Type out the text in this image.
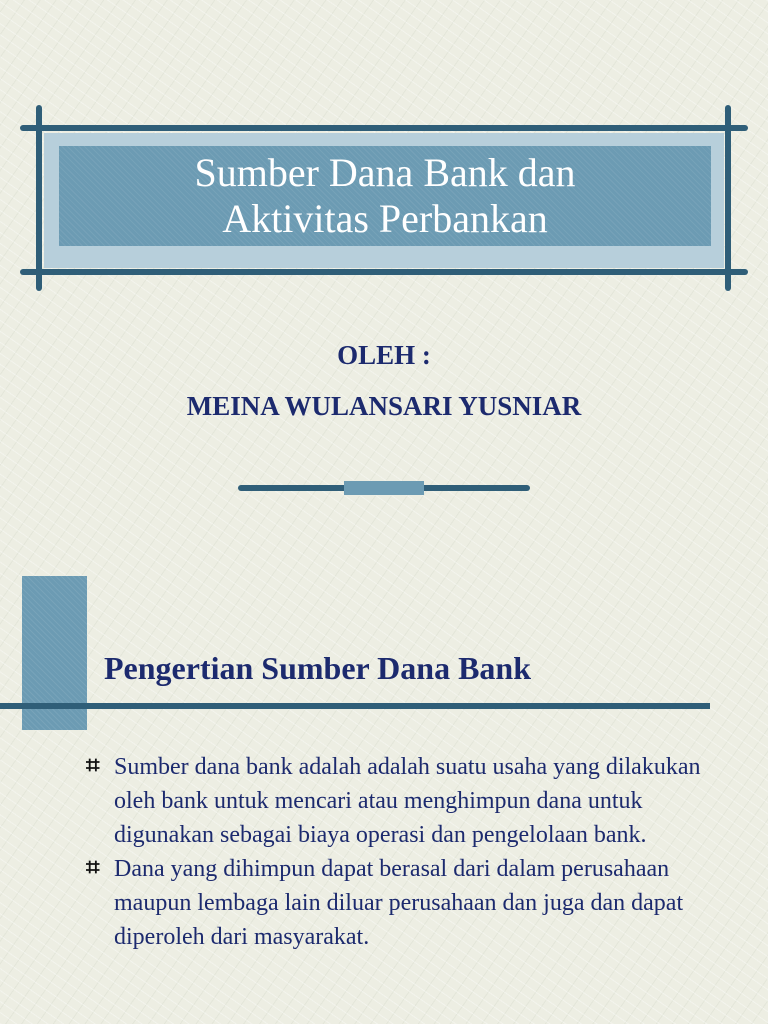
Sumber Dana Bank dan
Aktivitas Perbankan
OLEH :
MEINA WULANSARI YUSNIAR
Pengertian Sumber Dana Bank
⌗ Sumber dana bank adalah adalah suatu usaha yang dilakukan oleh bank untuk mencari atau menghimpun dana untuk digunakan sebagai biaya operasi dan pengelolaan bank.
⌗ Dana yang dihimpun dapat berasal dari dalam perusahaan maupun lembaga lain diluar perusahaan dan juga dan dapat diperoleh dari masyarakat.
